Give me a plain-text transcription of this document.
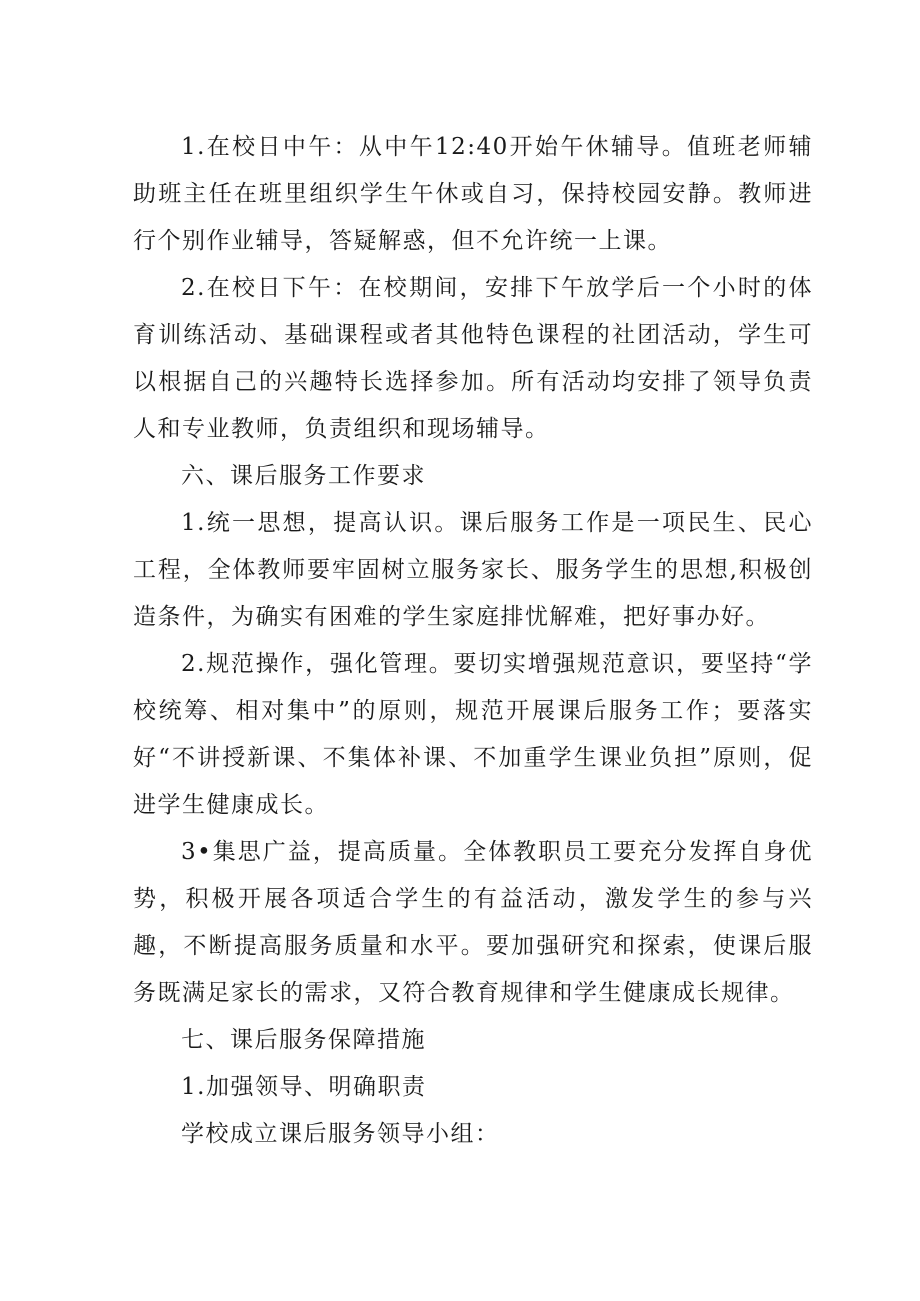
1.在校日中午：从中午12:40开始午休辅导。值班老师辅助班主任在班里组织学生午休或自习，保持校园安静。教师进行个别作业辅导，答疑解惑，但不允许统一上课。

2.在校日下午：在校期间，安排下午放学后一个小时的体育训练活动、基础课程或者其他特色课程的社团活动，学生可以根据自己的兴趣特长选择参加。所有活动均安排了领导负责人和专业教师，负责组织和现场辅导。

六、课后服务工作要求

1.统一思想，提高认识。课后服务工作是一项民生、民心工程，全体教师要牢固树立服务家长、服务学生的思想,积极创造条件，为确实有困难的学生家庭排忧解难，把好事办好。

2.规范操作，强化管理。要切实增强规范意识，要坚持“学校统筹、相对集中”的原则，规范开展课后服务工作；要落实好“不讲授新课、不集体补课、不加重学生课业负担”原则，促进学生健康成长。

3•集思广益，提高质量。全体教职员工要充分发挥自身优势，积极开展各项适合学生的有益活动，激发学生的参与兴趣，不断提高服务质量和水平。要加强研究和探索，使课后服务既满足家长的需求，又符合教育规律和学生健康成长规律。

七、课后服务保障措施

1.加强领导、明确职责

学校成立课后服务领导小组：
